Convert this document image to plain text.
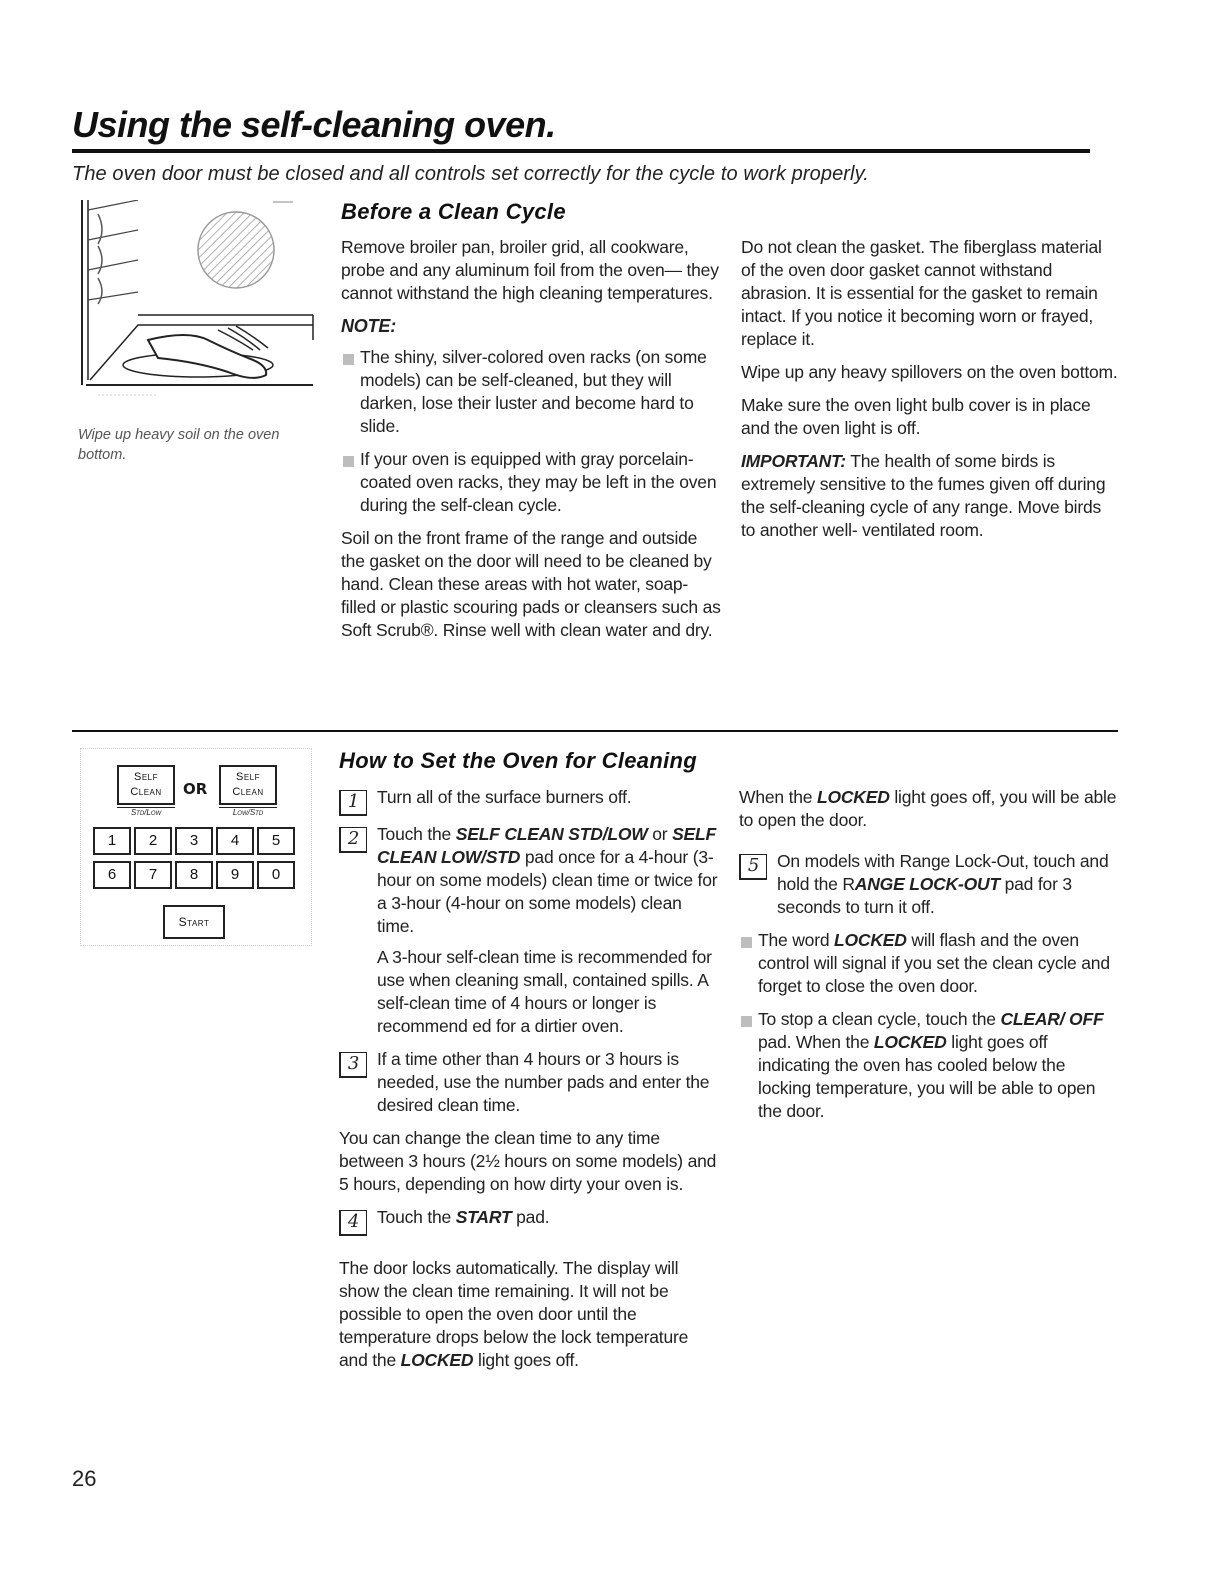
Using the self-cleaning oven.
The oven door must be closed and all controls set correctly for the cycle to work properly.
Wipe up heavy soil on the oven bottom.
Before a Clean Cycle

Remove broiler pan, broiler grid, all cookware, probe and any aluminum foil from the oven— they cannot withstand the high cleaning temperatures.

NOTE:
The shiny, silver-colored oven racks (on some models) can be self-cleaned, but they will darken, lose their luster and become hard to slide.
If your oven is equipped with gray porcelain-coated oven racks, they may be left in the oven during the self-clean cycle.

Soil on the front frame of the range and outside the gasket on the door will need to be cleaned by hand. Clean these areas with hot water, soap-filled or plastic scouring pads or cleansers such as Soft Scrub®. Rinse well with clean water and dry.

Do not clean the gasket. The fiberglass material of the oven door gasket cannot withstand abrasion. It is essential for the gasket to remain intact. If you notice it becoming worn or frayed, replace it.

Wipe up any heavy spillovers on the oven bottom.

Make sure the oven light bulb cover is in place and the oven light is off.

IMPORTANT: The health of some birds is extremely sensitive to the fumes given off during the self-cleaning cycle of any range. Move birds to another well- ventilated room.

Self
Clean
Std/Low
OR
Self
Clean
Low/Std
1	2	3	4	5
6	7	8	9	0
Start
How to Set the Oven for Cleaning
1	Turn all of the surface burners off.

2	Touch the SELF CLEAN STD/LOW or SELF CLEAN LOW/STD pad once for a 4-hour (3-hour on some models) clean time or twice for a 3-hour (4-hour on some models) clean time.

A 3-hour self-clean time is recommended for use when cleaning small, contained spills. A self-clean time of 4 hours or longer is recommend ed for a dirtier oven.

3	If a time other than 4 hours or 3 hours is needed, use the number pads and enter the desired clean time.

You can change the clean time to any time between 3 hours (2½ hours on some models) and 5 hours, depending on how dirty your oven is.

4	Touch the START pad.

The door locks automatically. The display will show the clean time remaining. It will not be possible to open the oven door until the temperature drops below the lock temperature and the LOCKED light goes off.

When the LOCKED light goes off, you will be able to open the door.

5	On models with Range Lock-Out, touch and hold the RANGE LOCK-OUT pad for 3 seconds to turn it off.

The word LOCKED will flash and the oven control will signal if you set the clean cycle and forget to close the oven door.
To stop a clean cycle, touch the CLEAR/ OFF pad. When the LOCKED light goes off indicating the oven has cooled below the locking temperature, you will be able to open the door.
26
